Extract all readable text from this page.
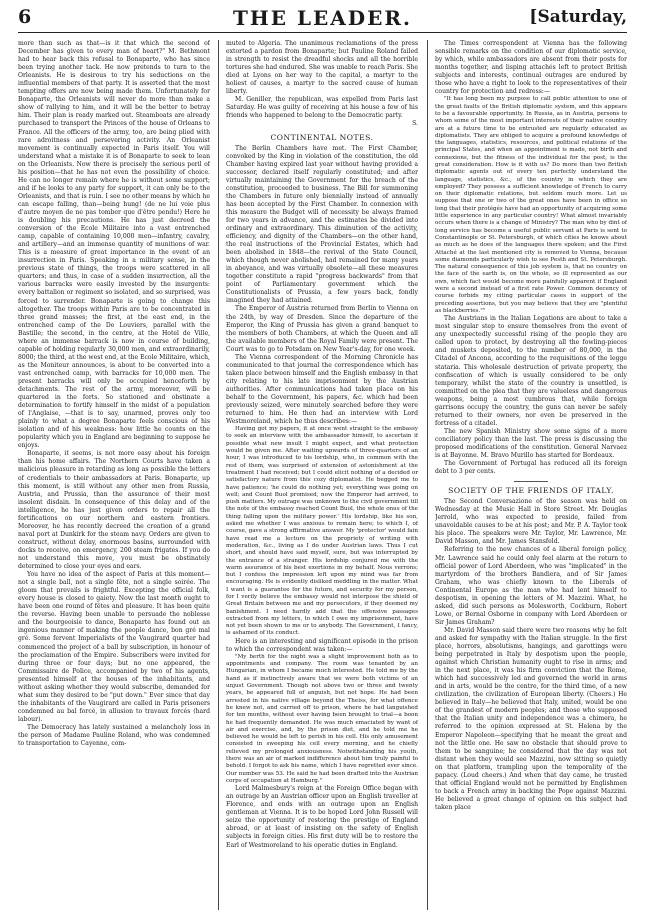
6	THE LEADER.	[Saturday,

more than such as that—is it that which the second of December has given to every man of heart?" M. Bethmont had to hear back this refusal to Bonaparte, who has since been trying another tack. He now pretends to turn to the Orleanists. He is desirous to try his seductions on the influential members of that party. It is asserted that the most tempting offers are now being made them. Unfortunately for Bonaparte, the Orleanists will never do more than make a show of rallying to him, and it will be the better to betray him. Their plan is ready marked out. Steamboats are already purchased to transport the Princes of the house of Orleans to France. All the officers of the army, too, are being plied with rare adroitness and persevering activity. An Orleanist movement is continually expected in Paris itself. You will understand what a mistake it is of Bonaparte to seek to lean on the Orleanists. Now there is precisely the serious peril of his position—that he has not even the possibility of choice. He can no longer remain where he is without some support; and if he looks to any party for support, it can only be to the Orleanists, and that is ruin. I see no other means by which he can escape falling, than—being hung! (de ne lui voie plus d'autre moyen de ne pas tomber que d'être pendu!) Here he is doubling his precautions. He has just decreed the conversion of the Ecole Militaire into a vast entrenched camp, capable of containing 10,000 men—infantry, cavalry, and artillery—and an immense quantity of munitions of war. This is a measure of great importance in the event of an insurrection in Paris. Speaking in a military sense, in the previous state of things, the troops were scattered in all quarters; and thus, in case of a sudden insurrection, all the various barracks were easily invested by the insurgents: every battalion or regiment so isolated, and so surprised, was forced to surrender. Bonaparte is going to change this altogether. The troops within Paris are to be concentrated in three grand masses; the first, at the east end, in the entrenched camp of the De Louviers, parallel with the Bastille; the second, in the centre, at the Hotel de Ville, where an immense barrack is now in course of building, capable of holding regularly 30,000 men, and extraordinarily, 8000; the third, at the west end, at the Ecole Militaire, which, as the Moniteur announces, is about to be converted into a vast entrenched camp, with barracks for 10,000 men. The present barracks will only be occupied henceforth by detachments. The rest of the army, moreover, will be quartered in the forts. So stationed and obstinate a determination to fortify himself in the midst of a population of l'Anglaise, —that is to say, unarmed, proves only too plainly to what a degree Bonaparte feels conscious of his isolation and of his weakness: how little he counts on the popularity which you in England are beginning to suppose he enjoys.

Bonaparte, it seems, is not more easy about his foreign than his home affairs. The Northern Courts have taken a malicious pleasure in retarding as long as possible the letters of credentials to their ambassadors at Paris. Bonaparte, up this moment, is still without any other men from Russia, Austria, and Prussia, than the assurance of their most insolent disdain. In consequence of this delay and of the intelligence, he has just given orders to repair all the fortifications on our northern and eastern frontiers. Moreover, he has recently decreed the creation of a grand naval port at Dunkirk for the steam navy. Orders are given to construct, without delay, enormous basins, surrounded with docks to receive, on emergency, 200 steam frigates. If you do not understand this move, you must be obstinately determined to close your eyes and ears.

You have no idea of the aspect of Paris at this moment—not a single ball, not a single fête, not a single soirée. The gloom that prevails is frightful. Excepting the official folk, every house is closed to gaiety. Now the last month ought to have been one round of fêtes and pleasure. It has been quite the reverse. Having been unable to persuade the noblesse and the bourgeoisie to dance, Bonaparte has found out an ingenious manner of making the people dance, bon gré mal gré. Some fervent Imperialists of the Vaugirard quarter had commenced the project of a ball by subscription, in honour of the proclamation of the Empire. Subscribers were invited for during three or four days; but no one appeared, the Commissaire de Police, accompanied by two of his agents, presented himself at the houses of the inhabitants, and without asking whether they would subscribe, demanded for what sum they desired to be "put down." Ever since that day the inhabitants of the Vaugirard are called in Paris prisoners condemned au bal forcé, in allusion to travaux forcés (hard labour).

The Democracy has lately sustained a melancholy loss in the person of Madame Pauline Roland, who was condemned to transportation to Cayenne, com-

muted to Algeria. The unanimous reclamations of the press extorted a pardon from Bonaparte; but Pauline Roland failed in strength to resist the dreadful shocks and all the horrible tortures she had endured. She was unable to reach Paris. She died at Lyons on her way to the capital, a martyr to the holiest of causes, a martyr to the sacred cause of human liberty.

M. Geniller, the republican, was expelled from Paris last Saturday. He was guilty of receiving at his house a few of his friends who happened to belong to the Democratic party.

S.

CONTINENTAL NOTES.

The Berlin Chambers have met. The First Chamber, convoked by the King in violation of the constitution, the old Chamber having expired last year without having provided a successor, declared itself regularly constituted; and after virtually maintaining the Government for the breach of the constitution, proceeded to business. The Bill for summoning the Chambers in future only biennially instead of annually has been accepted by the First Chamber. In connexion with this measure the Budget will of necessity be always framed for two years in advance, and the estimates be divided into ordinary and extraordinary. This diminution of the activity, efficiency, and dignity of the Chambers—on the other hand, the real instructions of the Provincial Estates, which had been abolished in 1848—the revival of the State Council, which though never abolished, had remained for many years in abeyance, and was virtually obsolete—all these measures together constitute a rapid "progress backwards" from that point of Parliamentary government which the Constitutionalists of Prussia, a few years back, fondly imagined they had attained.

The Emperor of Austria returned from Berlin to Vienna on the 24th, by way of Dresden. Since the departure of the Emperor, the King of Prussia has given a grand banquet to the members of both Chambers, at which the Queen and all the available members of the Royal Family were present. The Court was to go to Potsdam on New Year's-day, for one week.

The Vienna correspondent of the Morning Chronicle has communicated to that journal the correspondence which has taken place between himself and the English embassy in that city relating to his late imprisonment by the Austrian authorities. After communications had taken place on his behalf to the Government, his papers, &c. which had been previously seized, were minutely searched before they were returned to him. He then had an interview with Lord Westmoreland, which he thus describes:—

Having got my papers, it at once went straight to the embassy to seek an interview with the ambassador himself, to ascertain if possible what new insult I might expect, and what protection would be given me. After waiting upwards of three-quarters of an hour, I was introduced to his lordship, who, in common with the rest of them, was surprised of extension of astonishment at the treatment I had received; but I could elicit nothing of a decided or satisfactory nature from this cozy diplomatist. He begged me to have patience; 'he could do nothing yet; everything was going on well; and Count Buol promised, now the Emperor had arrived, to push matters. My outrage was unknown to the civil government till the note of the embassy reached Count Buol, the whole onus of the thing falling upon the military power.' His lordship, like his son, asked me whether I was anxious to remain here; to which I, of course, gave a strong affirmative answer. My 'protector' would fain have read me a lecture on the propriety of writing with moderation, &c., living as I do under Austrian laws. Thus I cut short, and should have said myself, sure, but was interrupted by the entrance of a stranger. His lordship conjured me with the warm assurance of his best exertions in my behalf. Nous verrons; but I confess the impression left upon my mind was far from encouraging. He is evidently disliked meddling in the matter. What I want is a guarantee for the future, and security for my person, for I verily believe the embassy would not interpose the shield of Great Britain between me and my persecutors, if they deemed my banishment. I need hardly add that the offensive passages extracted from my letters, to which I owe my imprisonment, have not yet been shown to me or to anybody. The Government, I fancy, is ashamed of its conduct.

Here is an interesting and significant episode in the prison to which the correspondent was taken:—

"My berth for the night was a slight improvement both as to appointments and company. The room was tenanted by an Hungarian, in whom I became much interested. He told me by the hand as if instinctively aware that we were both victims of an unjust Government. Though not above two or three and twenty years, he appeared full of anguish, but not hope. He had been arrested in his native village beyond the Theiss, for what offence he knew not, and carried off to prison, where he had languished for ten months, without ever having been brought to trial—a boon he had frequently demanded. He was much emaciated by want of air and exercise, and, by the prison diet, and he told me he believed he would be left to perish in his cell. His only amusement consisted in sweeping his cell every morning, and he chiefly relieved my prolonged anxiousness. Notwithstanding his youth, there was an air of marked indifference about him truly painful to behold. I forgot to ask his name, which I have regretted ever since. Our number was 53. He said he had been drafted into the Austrian corps of occupation at Hamburg."

Lord Malmesbury's reign at the Foreign Office began with an outrage by an Austrian officer upon an English traveller at Florence, and ends with an outrage upon an English gentleman at Vienna. It is to be hoped Lord John Russell will seize the opportunity of restoring the prestige of England abroad, or at least of insisting on the safety of English subjects in foreign cities. His first duty will be to restore the Earl of Westmoreland to his operatic duties in England.

The Times correspondent at Vienna has the following sensible remarks on the condition of our diplomatic service, by which, while ambassadors are absent from their posts for months together, and lisping attachés left to protect British subjects and interests, continual outrages are endured by those who have a right to look to the representatives of their country for protection and redress:—

"It has long been my purpose to call public attention to one of the great faults of the British diplomatic system, and this appears to be a favourable opportunity. In Russia, as in Austria, persons to whom some of the most important interests of their native country are at a future time to be entrusted are regularly educated as diplomatists. They are obliged to acquire a profound knowledge of the languages, statistics, resources, and political relations of the principal States, and when an appointment is made, not birth and connexions, but the fitness of the individual for the post, is the great consideration. How is it with us? Do more than two British diplomatic agents out of every ten perfectly understand the language, statistics, &c., of the country in which they are employed? They possess a sufficient knowledge of French to carry on their diplomatic relations, but seldom much more. Let us suppose that one or two of the great ones have been in office so long that their protégés have had an opportunity of acquiring some little experience in any particular country! What almost invariably occurs when there is a change of Ministry? The man who by dint of long service has become a useful public servant at Paris is sent to Constantinople or St. Petersburgh, of which cities he knows about as much as he does of the languages there spoken; and the First Attaché at the last mentioned city is removed to Vienna, because some diamonds particularly wish to see Pesth and St. Petersburgh. The natural consequence of this job system is, that no country on the face of the earth is, on the whole, so ill represented as our own, which fact would become more painfully apparent if England were a second instead of a first rate Power. Common decency of course forbids my citing particular cases in support of the preceding assertions, but you may believe that they are "plentiful as blackberries.""

The Austrians in the Italian Legations are about to take a most singular step to ensure themselves from the event of any unexpectedly successful rising of the people they are called upon to protect, by destroying all the fowling-pieces and muskets deposited, to the number of 80,000, in the Citadel of Ancona, according to the requisitions of the legge stataria. This wholesale destruction of private property, the confiscation of which is usually considered to be only temporary, whilst the state of the country is unsettled, is committed on the plea that they are valueless and dangerous weapons, being a most cumbrous that, while foreign garrisons occupy the country, the guns can never be safely returned to their owners, nor even be preserved in the fortress of a citadel.

The new Spanish Ministry show some signs of a more conciliatory policy than the last. The press is discussing the proposed modifications of the constitution. General Narvaez is at Bayonne. M. Bravo Murillo has started for Bordeaux.

The Government of Portugal has reduced all its foreign debt to 3 per cents.

SOCIETY OF THE FRIENDS OF ITALY.

The Second Conversazione of the season was held on Wednesday at the Music Hall in Store Street. Mr. Douglas Jerrold, who was expected to preside, failed from unavoidable causes to be at his post; and Mr. P. A. Taylor took his place. The speakers were Mr. Taylor, Mr. Lawrence, Mr. David Masson, and Mr. James Stansfeld.

Referring to the new chances of a liberal foreign policy, Mr. Lawrence said he could only feel alarm at the return to official power of Lord Aberdeen, who was "implicated" in the martyrdom of the brothers Bandiera, and of Sir James Graham, who was chiefly known to the Liberals of Continental Europe as the man who had lent himself to despotism, in opening the letters of M. Mazzini. What, he asked, did such persons as Molesworth, Cockburn, Robert Lowe, or Bernal Osborne in company with Lord Aberdeen or Sir James Graham?

Mr. David Masson said there were two reasons why he felt and asked for sympathy with the Italian struggle. In the first place, horrors, absolutisms, hangings, and garottings were being perpetrated in Italy by despotism upon the people, against which Christian humanity ought to rise in arms; and in the next place, it was his firm conviction that the Rome, which had successively led and governed the world in arms and in arts, would be the centre, for the third time, of a new civilization, the civilization of European liberty. (Cheers.) He believed in Italy—he believed that Italy, united, would be one of the grandest of modern peoples; and those who supposed that the Italian unity and independence was a chimera, he referred to the opinion expressed at St. Helena by the Emperor Napoleon—specifying that he meant the great and not the little one. He saw no obstacle that should prove to them to be sanguine; he considered that the day was not distant when they would see Mazzini, now sitting so quietly on that platform, trampling upon the temporality of the papacy. (Loud cheers.) And when that day came, he trusted that official England would not be permitted by Englishmen to back a French army in backing the Pope against Mazzini. He believed a great change of opinion on this subject had taken place
